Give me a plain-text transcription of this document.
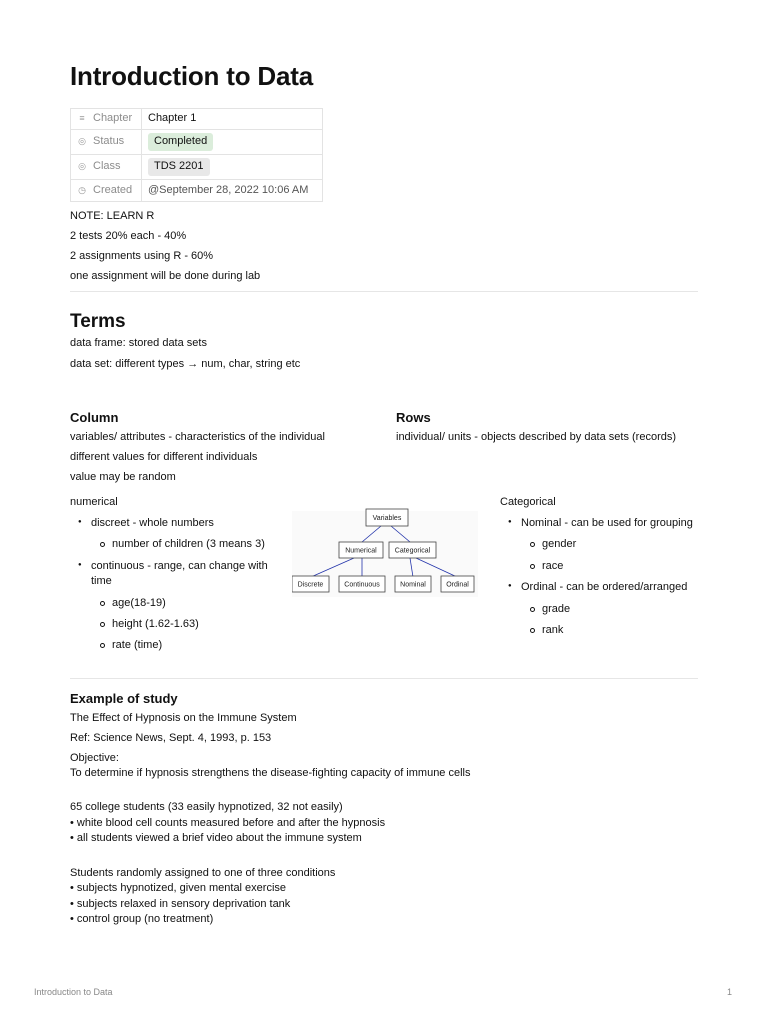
Introduction to Data
≡ Chapter	Chapter 1
◎ Status	Completed
◎ Class	TDS 2201
◷ Created	@September 28, 2022 10:06 AM

NOTE: LEARN R

2 tests 20% each - 40%

2 assignments using R - 60%

one assignment will be done during lab

Terms

data frame: stored data sets

data set: different types → num, char, string etc

Column

variables/ attributes - characteristics of the individual

different values for different individuals

value may be random

Rows

individual/ units - objects described by data sets (records)

numerical

● discreet - whole numbers
number of children (3 means 3)
● continuous - range, can change with time
age(18-19)
height (1.62-1.63)
rate (time)
Variables
Numerical	Categorical
Discrete	Continuous	Nominal	Ordinal

Categorical

● Nominal - can be used for grouping
gender
race
● Ordinal - can be ordered/arranged
grade
rank
Example of study

The Effect of Hypnosis on the Immune System

Ref: Science News, Sept. 4, 1993, p. 153

Objective:

To determine if hypnosis strengthens the disease-fighting capacity of immune cells

65 college students (33 easily hypnotized, 32 not easily)

• white blood cell counts measured before and after the hypnosis

• all students viewed a brief video about the immune system

Students randomly assigned to one of three conditions

• subjects hypnotized, given mental exercise

• subjects relaxed in sensory deprivation tank

• control group (no treatment)

Introduction to Data	1
